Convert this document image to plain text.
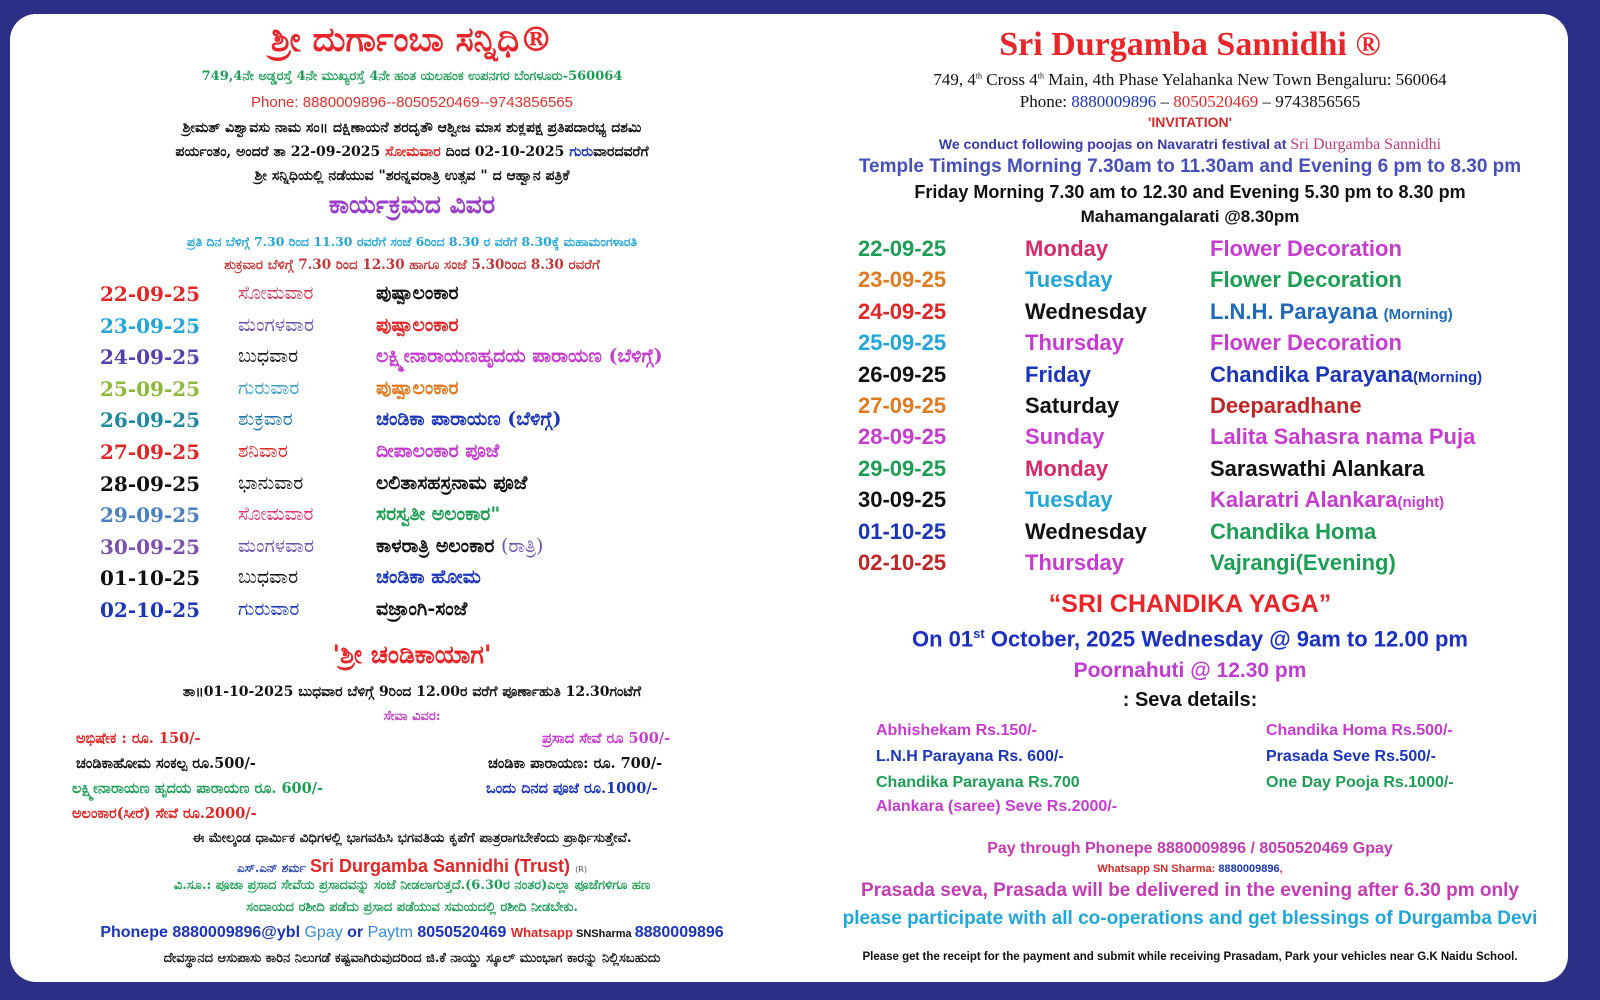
ಶ್ರೀ ದುರ್ಗಾಂಬಾ ಸನ್ನಿಧಿ®
749,4ನೇ ಅಡ್ಡರಸ್ತೆ 4ನೇ ಮುಖ್ಯರಸ್ತೆ 4ನೇ ಹಂತ ಯಲಹಂಕ ಉಪನಗರ ಬೆಂಗಳೂರು-560064
Phone: 8880009896--8050520469--9743856565
ಶ್ರೀಮತ್ ವಿಶ್ವಾವಸು ನಾಮ ಸಂ॥ ದಕ್ಷಿಣಾಯನೆ ಶರದೃತೌ ಆಶ್ವೀಜ ಮಾಸ ಶುಕ್ಲಪಕ್ಷ ಪ್ರತಿಪದಾರಭ್ಯ ದಶಮಿ
ಪರ್ಯಂತಂ, ಅಂದರೆ ತಾ 22-09-2025 ಸೋಮವಾರ ದಿಂದ 02-10-2025 ಗುರುವಾರದವರೆಗೆ
ಶ್ರೀ ಸನ್ನಿಧಿಯಲ್ಲಿ ನಡೆಯುವ "ಶರನ್ನವರಾತ್ರಿ ಉತ್ಸವ " ದ ಆಹ್ವಾನ ಪತ್ರಿಕೆ
ಕಾರ್ಯಕ್ರಮದ ವಿವರ
ಪ್ರತಿ ದಿನ ಬೆಳಿಗ್ಗೆ 7.30 ರಿಂದ 11.30 ರವರೆಗೆ ಸಂಜೆ 6ರಿಂದ 8.30 ರ ವರೆಗೆ 8.30ಕ್ಕೆ ಮಹಾಮಂಗಳಾರತಿ
ಶುಕ್ರವಾರ ಬೆಳಿಗ್ಗೆ 7.30 ರಿಂದ 12.30 ಹಾಗೂ ಸಂಜೆ 5.30ರಿಂದ 8.30 ರವರೆಗೆ
22-09-25 ಸೋಮವಾರ	ಪುಷ್ಪಾಲಂಕಾರ
23-09-25 ಮಂಗಳವಾರ	ಪುಷ್ಪಾಲಂಕಾರ
24-09-25 ಬುಧವಾರ	ಲಕ್ಷ್ಮೀನಾರಾಯಣಹೃದಯ ಪಾರಾಯಣ (ಬೆಳಿಗ್ಗೆ)
25-09-25 ಗುರುವಾರ	ಪುಷ್ಪಾಲಂಕಾರ
26-09-25 ಶುಕ್ರವಾರ	ಚಂಡಿಕಾ ಪಾರಾಯಣ (ಬೆಳಿಗ್ಗೆ)
27-09-25 ಶನಿವಾರ	ದೀಪಾಲಂಕಾರ ಪೂಜೆ
28-09-25 ಭಾನುವಾರ	ಲಲಿತಾಸಹಸ್ರನಾಮ ಪೂಜೆ
29-09-25 ಸೋಮವಾರ	ಸರಸ್ವತೀ ಅಲಂಕಾರ"
30-09-25 ಮಂಗಳವಾರ	ಕಾಳರಾತ್ರಿ ಅಲಂಕಾರ (ರಾತ್ರಿ)
01-10-25 ಬುಧವಾರ	ಚಂಡಿಕಾ ಹೋಮ
02-10-25 ಗುರುವಾರ	ವಜ್ರಾಂಗಿ-ಸಂಜೆ
'ಶ್ರೀ ಚಂಡಿಕಾಯಾಗ'
ತಾ॥01-10-2025 ಬುಧವಾರ ಬೆಳಿಗ್ಗೆ 9ರಿಂದ 12.00ರ ವರೆಗೆ ಪೂರ್ಣಾಹುತಿ 12.30ಗಂಟೆಗೆ
ಸೇವಾ ವಿವರ:
ಅಭಿಷೇಕ : ರೂ. 150/-	ಪ್ರಸಾದ ಸೇವೆ ರೂ 500/-
ಚಂಡಿಕಾಹೋಮ ಸಂಕಲ್ಪ ರೂ.500/-	ಚಂಡಿಕಾ ಪಾರಾಯಣ: ರೂ. 700/-
ಲಕ್ಷ್ಮೀನಾರಾಯಣ ಹೃದಯ ಪಾರಾಯಣ ರೂ. 600/-	ಒಂದು ದಿನದ ಪೂಜೆ ರೂ.1000/-
ಅಲಂಕಾರ(ಸೀರೆ) ಸೇವೆ ರೂ.2000/-
ಈ ಮೇಲ್ಕಂಡ ಧಾರ್ಮಿಕ ವಿಧಿಗಳಲ್ಲಿ ಭಾಗವಹಿಸಿ ಭಗವತಿಯ ಕೃಪೆಗೆ ಪಾತ್ರರಾಗಬೇಕೆಂದು ಪ್ರಾರ್ಥಿಸುತ್ತೇವೆ.
ಎಸ್.ಎನ್ ಶರ್ಮ Sri Durgamba Sannidhi (Trust) (R)
ವಿ.ಸೂ.: ಪೂಜಾ ಪ್ರಸಾದ ಸೇವೆಯ ಪ್ರಸಾದವನ್ನು ಸಂಜೆ ನೀಡಲಾಗುತ್ತದೆ.(6.30ರ ನಂತರ)ಎಲ್ಲಾ ಪೂಜೆಗಳಿಗೂ ಹಣ
ಸಂದಾಯದ ರಶೀದಿ ಪಡೆದು ಪ್ರಸಾದ ಪಡೆಯುವ ಸಮಯದಲ್ಲಿ ರಶೀದಿ ನೀಡಬೇಕು.
Phonepe 8880009896@ybl Gpay or Paytm 8050520469 Whatsapp SNSharma 8880009896
ದೇವಸ್ಥಾನದ ಆಸುಪಾಸು ಕಾರಿನ ನಿಲುಗಡೆ ಕಷ್ಟವಾಗಿರುವುದರಿಂದ ಜಿ.ಕೆ ನಾಯ್ಡು ಸ್ಕೂಲ್ ಮುಂಭಾಗ ಕಾರನ್ನು ನಿಲ್ಲಿಸಬಹುದು
Sri Durgamba Sannidhi ®
749, 4th Cross 4th Main, 4th Phase Yelahanka New Town Bengaluru: 560064
Phone: 8880009896 – 8050520469 – 9743856565
'INVITATION'
We conduct following poojas on Navaratri festival at Sri Durgamba Sannidhi
Temple Timings Morning 7.30am to 11.30am and Evening 6 pm to 8.30 pm
Friday Morning 7.30 am to 12.30 and Evening 5.30 pm to 8.30 pm
Mahamangalarati @8.30pm
22-09-25	Monday	Flower Decoration
23-09-25	Tuesday	Flower Decoration
24-09-25	Wednesday	L.N.H. Parayana (Morning)
25-09-25	Thursday	Flower Decoration
26-09-25	Friday	Chandika Parayana(Morning)
27-09-25	Saturday	Deeparadhane
28-09-25	Sunday	Lalita Sahasra nama Puja
29-09-25	Monday	Saraswathi Alankara
30-09-25	Tuesday	Kalaratri Alankara(night)
01-10-25	Wednesday	Chandika Homa
02-10-25	Thursday	Vajrangi(Evening)
“SRI CHANDIKA YAGA”
On 01st October, 2025 Wednesday @ 9am to 12.00 pm
Poornahuti @ 12.30 pm
: Seva details:
Abhishekam Rs.150/-	Chandika Homa Rs.500/-
L.N.H Parayana Rs. 600/-	Prasada Seve Rs.500/-
Chandika Parayana Rs.700	One Day Pooja Rs.1000/-
Alankara (saree) Seve Rs.2000/-
Pay through Phonepe 8880009896 / 8050520469 Gpay
Whatsapp SN Sharma: 8880009896,
Prasada seva, Prasada will be delivered in the evening after 6.30 pm only
please participate with all co-operations and get blessings of Durgamba Devi
Please get the receipt for the payment and submit while receiving Prasadam, Park your vehicles near G.K Naidu School.
